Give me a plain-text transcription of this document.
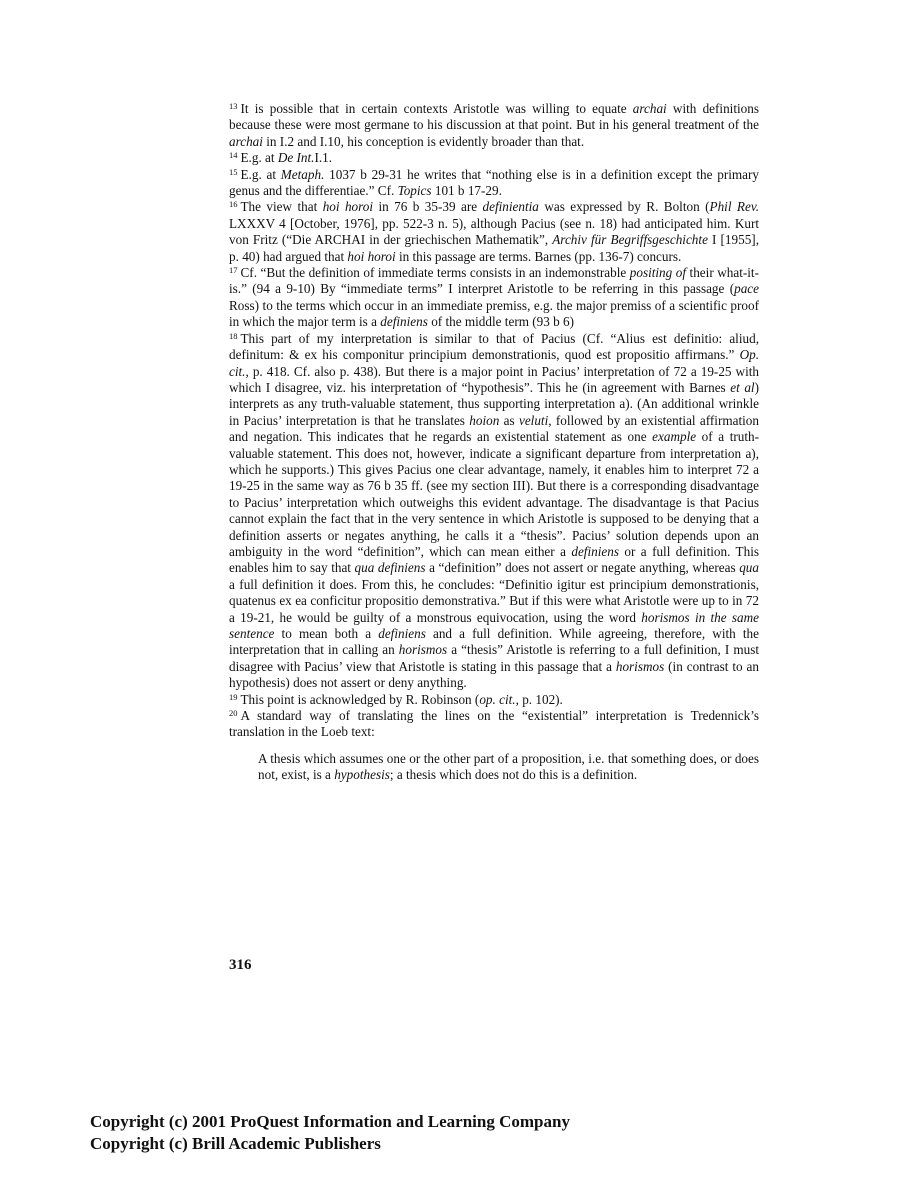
$^{13}$ It is possible that in certain contexts Aristotle was willing to equate archai with definitions because these were most germane to his discussion at that point. But in his general treatment of the archai in I.2 and I.10, his conception is evidently broader than that.

$^{14}$ E.g. at De Int.I.1.

$^{15}$ E.g. at Metaph. 1037 b 29-31 he writes that “nothing else is in a definition except the primary genus and the differentiae.” Cf. Topics 101 b 17-29.

$^{16}$ The view that hoi horoi in 76 b 35-39 are definientia was expressed by R. Bolton (Phil Rev. LXXXV 4 [October, 1976], pp. 522-3 n. 5), although Pacius (see n. 18) had anticipated him. Kurt von Fritz (“Die ARCHAI in der griechischen Mathematik”, Archiv für Begriffsgeschichte I [1955], p. 40) had argued that hoi horoi in this passage are terms. Barnes (pp. 136-7) concurs.

$^{17}$ Cf. “But the definition of immediate terms consists in an indemonstrable positing of their what-it-is.” (94 a 9-10) By “immediate terms” I interpret Aristotle to be referring in this passage (pace Ross) to the terms which occur in an immediate premiss, e.g. the major premiss of a scientific proof in which the major term is a definiens of the middle term (93 b 6)

$^{18}$ This part of my interpretation is similar to that of Pacius (Cf. “Alius est definitio: aliud, definitum: & ex his componitur principium demonstrationis, quod est propositio affirmans.” Op. cit., p. 418. Cf. also p. 438). But there is a major point in Pacius’ interpretation of 72 a 19-25 with which I disagree, viz. his interpretation of “hypothesis”. This he (in agreement with Barnes et al) interprets as any truth-valuable statement, thus supporting interpretation a). (An additional wrinkle in Pacius’ interpretation is that he translates hoion as veluti, followed by an existential affirmation and negation. This indicates that he regards an existential statement as one example of a truth-valuable statement. This does not, however, indicate a significant departure from interpretation a), which he supports.) This gives Pacius one clear advantage, namely, it enables him to interpret 72 a 19-25 in the same way as 76 b 35 ff. (see my section III). But there is a corresponding disadvantage to Pacius’ interpretation which outweighs this evident advantage. The disadvantage is that Pacius cannot explain the fact that in the very sentence in which Aristotle is supposed to be denying that a definition asserts or negates anything, he calls it a “thesis”. Pacius’ solution depends upon an ambiguity in the word “definition”, which can mean either a definiens or a full definition. This enables him to say that qua definiens a “definition” does not assert or negate anything, whereas qua a full definition it does. From this, he concludes: “Definitio igitur est principium demonstrationis, quatenus ex ea conficitur propositio demonstrativa.” But if this were what Aristotle were up to in 72 a 19-21, he would be guilty of a monstrous equivocation, using the word horismos in the same sentence to mean both a definiens and a full definition. While agreeing, therefore, with the interpretation that in calling an horismos a “thesis” Aristotle is referring to a full definition, I must disagree with Pacius’ view that Aristotle is stating in this passage that a horismos (in contrast to an hypothesis) does not assert or deny anything.

$^{19}$ This point is acknowledged by R. Robinson (op. cit., p. 102).

$^{20}$ A standard way of translating the lines on the “existential” interpretation is Tredennick’s translation in the Loeb text:

A thesis which assumes one or the other part of a proposition, i.e. that something does, or does not, exist, is a hypothesis; a thesis which does not do this is a definition.

316
Copyright (c) 2001 ProQuest Information and Learning Company
Copyright (c) Brill Academic Publishers
